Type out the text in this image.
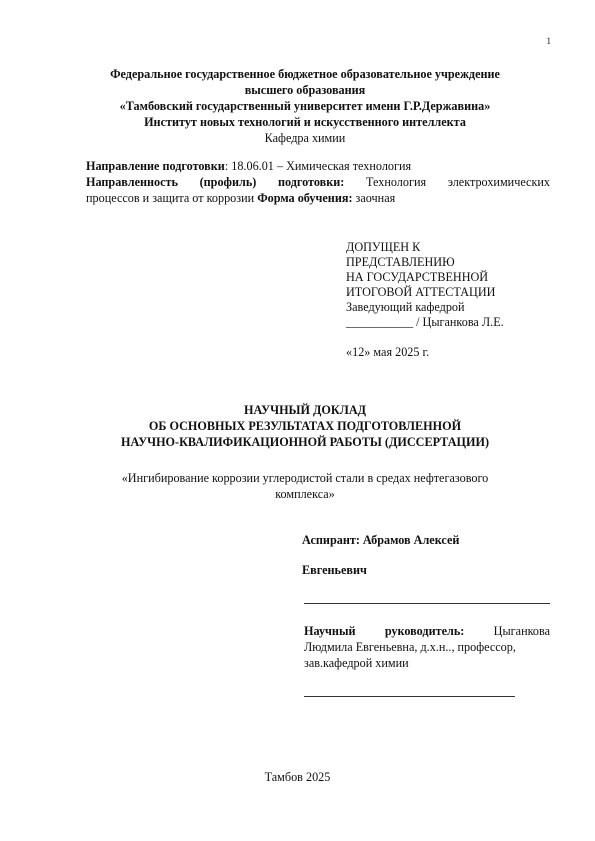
1
Федеральное государственное бюджетное образовательное учреждение
высшего образования
«Тамбовский государственный университет имени Г.Р.Державина»
Институт новых технологий и искусственного интеллекта
Кафедра химии
Направление подготовки: 18.06.01 – Химическая технология
Направленность (профиль) подготовки: Технология электрохимических
процессов и защита от коррозии Форма обучения: заочная
ДОПУЩЕН К
ПРЕДСТАВЛЕНИЮ
НА ГОСУДАРСТВЕННОЙ
ИТОГОВОЙ АТТЕСТАЦИИ
Заведующий кафедрой
___________ / Цыганкова Л.Е.
«12» мая 2025 г.
НАУЧНЫЙ ДОКЛАД
ОБ ОСНОВНЫХ РЕЗУЛЬТАТАХ ПОДГОТОВЛЕННОЙ
НАУЧНО-КВАЛИФИКАЦИОННОЙ РАБОТЫ (ДИССЕРТАЦИИ)
«Ингибирование коррозии углеродистой стали в средах нефтегазового
комплекса»
Аспирант: Абрамов Алексей
Евгеньевич
Научный руководитель: Цыганкова
Людмила Евгеньевна, д.х.н.., профессор,
зав.кафедрой химии
Тамбов 2025
